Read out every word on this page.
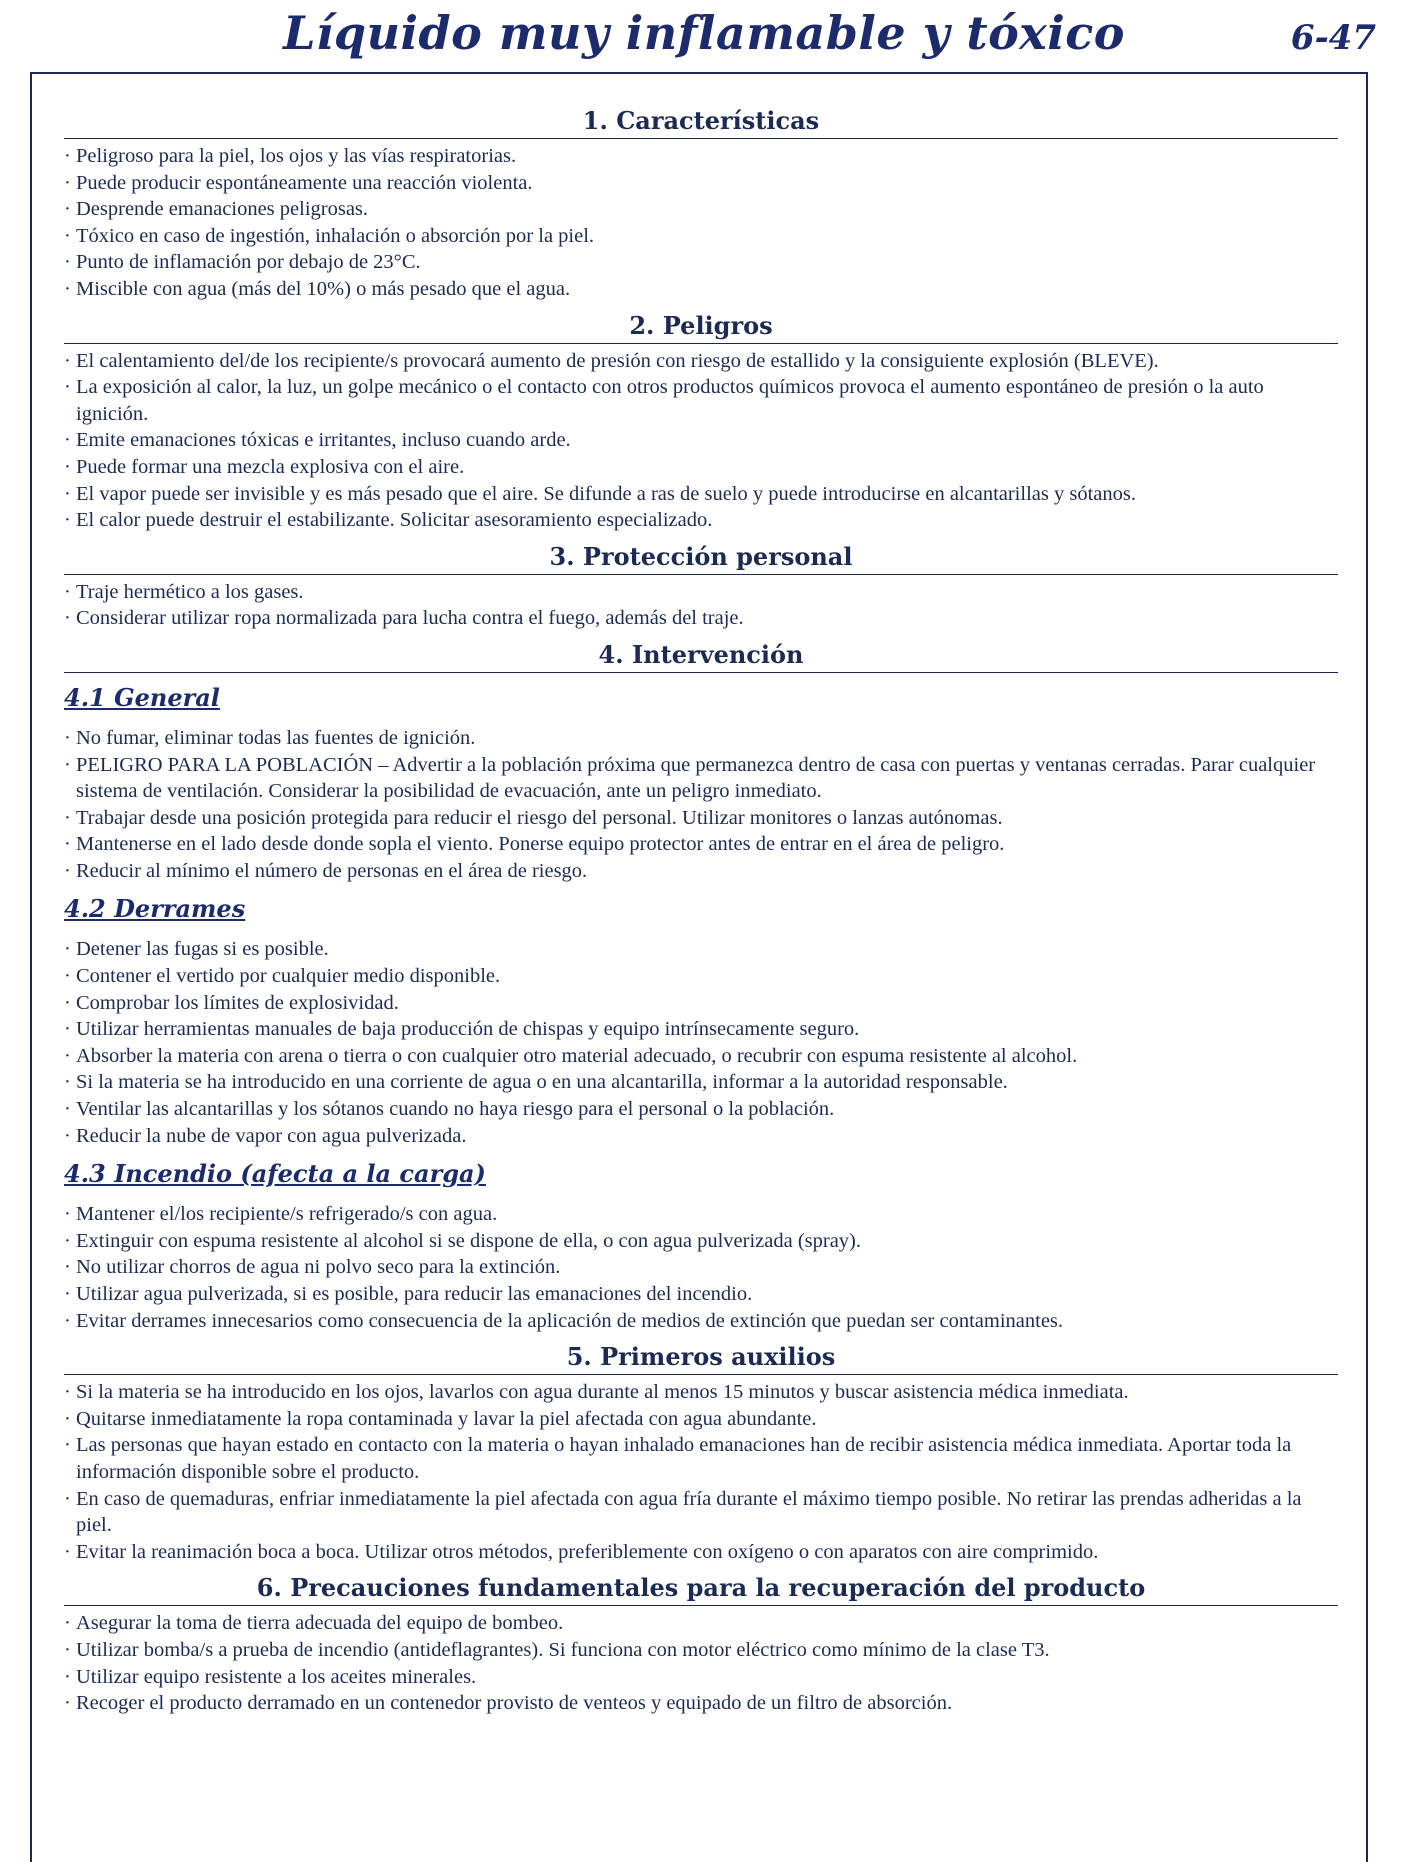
Líquido muy inflamable y tóxico	6-47
1. Características
· Peligroso para la piel, los ojos y las vías respiratorias.
· Puede producir espontáneamente una reacción violenta.
· Desprende emanaciones peligrosas.
· Tóxico en caso de ingestión, inhalación o absorción por la piel.
· Punto de inflamación por debajo de 23°C.
· Miscible con agua (más del 10%) o más pesado que el agua.
2. Peligros
· El calentamiento del/de los recipiente/s provocará aumento de presión con riesgo de estallido y la consiguiente explosión (BLEVE).
· La exposición al calor, la luz, un golpe mecánico o el contacto con otros productos químicos provoca el aumento espontáneo de presión o la auto ignición.
· Emite emanaciones tóxicas e irritantes, incluso cuando arde.
· Puede formar una mezcla explosiva con el aire.
· El vapor puede ser invisible y es más pesado que el aire. Se difunde a ras de suelo y puede introducirse en alcantarillas y sótanos.
· El calor puede destruir el estabilizante. Solicitar asesoramiento especializado.
3. Protección personal
· Traje hermético a los gases.
· Considerar utilizar ropa normalizada para lucha contra el fuego, además del traje.
4. Intervención
4.1 General
· No fumar, eliminar todas las fuentes de ignición.
· PELIGRO PARA LA POBLACIÓN – Advertir a la población próxima que permanezca dentro de casa con puertas y ventanas cerradas. Parar cualquier sistema de ventilación. Considerar la posibilidad de evacuación, ante un peligro inmediato.
· Trabajar desde una posición protegida para reducir el riesgo del personal. Utilizar monitores o lanzas autónomas.
· Mantenerse en el lado desde donde sopla el viento. Ponerse equipo protector antes de entrar en el área de peligro.
· Reducir al mínimo el número de personas en el área de riesgo.
4.2 Derrames
· Detener las fugas si es posible.
· Contener el vertido por cualquier medio disponible.
· Comprobar los límites de explosividad.
· Utilizar herramientas manuales de baja producción de chispas y equipo intrínsecamente seguro.
· Absorber la materia con arena o tierra o con cualquier otro material adecuado, o recubrir con espuma resistente al alcohol.
· Si la materia se ha introducido en una corriente de agua o en una alcantarilla, informar a la autoridad responsable.
· Ventilar las alcantarillas y los sótanos cuando no haya riesgo para el personal o la población.
· Reducir la nube de vapor con agua pulverizada.
4.3 Incendio (afecta a la carga)
· Mantener el/los recipiente/s refrigerado/s con agua.
· Extinguir con espuma resistente al alcohol si se dispone de ella, o con agua pulverizada (spray).
· No utilizar chorros de agua ni polvo seco para la extinción.
· Utilizar agua pulverizada, si es posible, para reducir las emanaciones del incendio.
· Evitar derrames innecesarios como consecuencia de la aplicación de medios de extinción que puedan ser contaminantes.
5. Primeros auxilios
· Si la materia se ha introducido en los ojos, lavarlos con agua durante al menos 15 minutos y buscar asistencia médica inmediata.
· Quitarse inmediatamente la ropa contaminada y lavar la piel afectada con agua abundante.
· Las personas que hayan estado en contacto con la materia o hayan inhalado emanaciones han de recibir asistencia médica inmediata. Aportar toda la información disponible sobre el producto.
· En caso de quemaduras, enfriar inmediatamente la piel afectada con agua fría durante el máximo tiempo posible. No retirar las prendas adheridas a la piel.
· Evitar la reanimación boca a boca. Utilizar otros métodos, preferiblemente con oxígeno o con aparatos con aire comprimido.
6. Precauciones fundamentales para la recuperación del producto
· Asegurar la toma de tierra adecuada del equipo de bombeo.
· Utilizar bomba/s a prueba de incendio (antideflagrantes). Si funciona con motor eléctrico como mínimo de la clase T3.
· Utilizar equipo resistente a los aceites minerales.
· Recoger el producto derramado en un contenedor provisto de venteos y equipado de un filtro de absorción.
